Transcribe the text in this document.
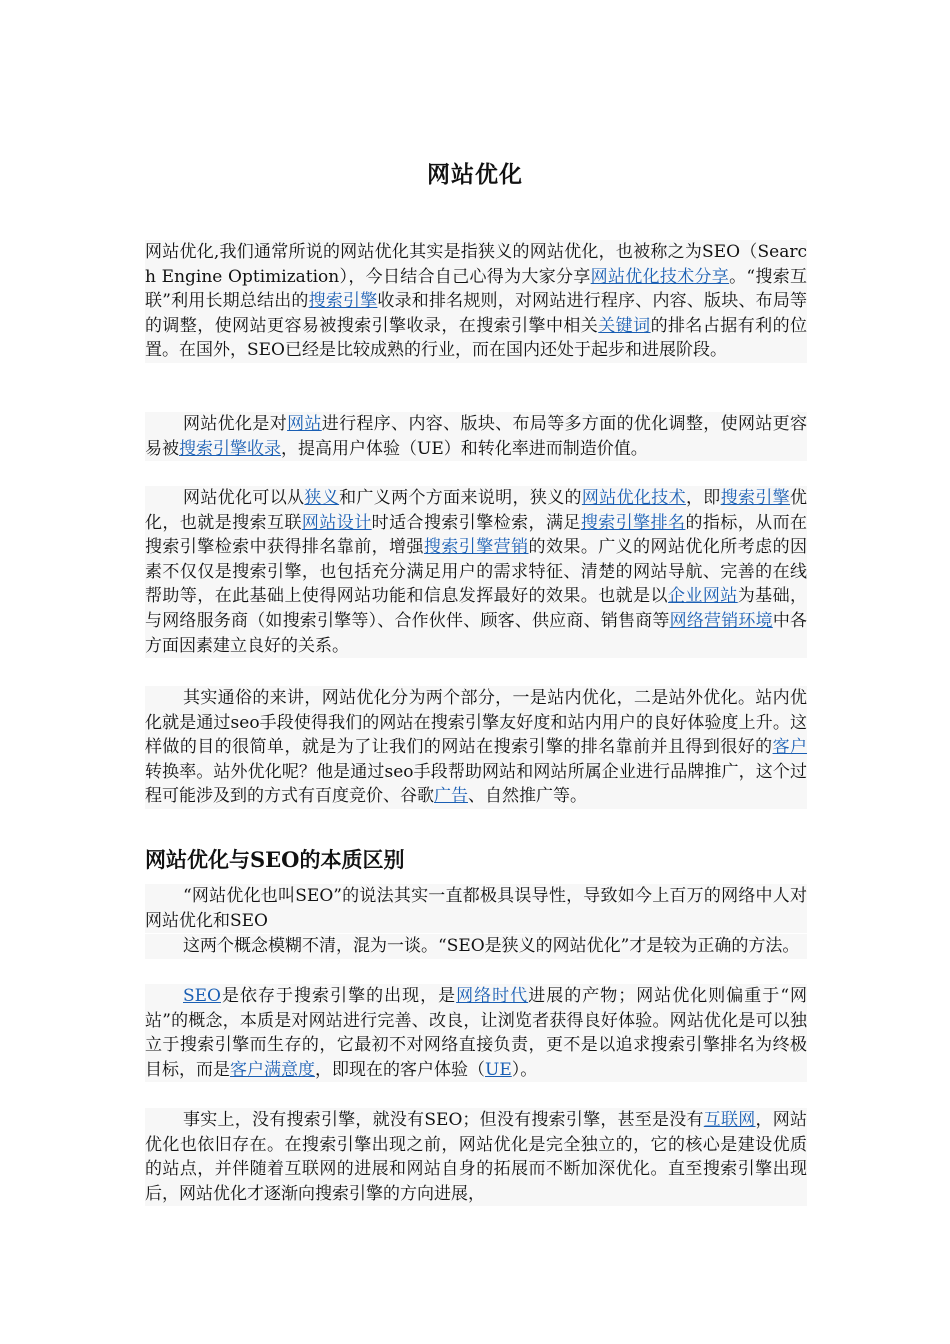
网站优化

网站优化,我们通常所说的网站优化其实是指狭义的网站优化，也被称之为SEO（Search Engine Optimization），今日结合自己心得为大家分享网站优化技术分享。“搜索互联”利用长期总结出的搜索引擎收录和排名规则，对网站进行程序、内容、版块、布局等的调整，使网站更容易被搜索引擎收录，在搜索引擎中相关关键词的排名占据有利的位置。在国外，SEO已经是比较成熟的行业，而在国内还处于起步和进展阶段。

网站优化是对网站进行程序、内容、版块、布局等多方面的优化调整，使网站更容易被搜索引擎收录，提高用户体验（UE）和转化率进而制造价值。

网站优化可以从狭义和广义两个方面来说明，狭义的网站优化技术，即搜索引擎优化，也就是搜索互联网站设计时适合搜索引擎检索，满足搜索引擎排名的指标，从而在搜索引擎检索中获得排名靠前，增强搜索引擎营销的效果。广义的网站优化所考虑的因素不仅仅是搜索引擎，也包括充分满足用户的需求特征、清楚的网站导航、完善的在线帮助等，在此基础上使得网站功能和信息发挥最好的效果。也就是以企业网站为基础，与网络服务商（如搜索引擎等）、合作伙伴、顾客、供应商、销售商等网络营销环境中各方面因素建立良好的关系。

其实通俗的来讲，网站优化分为两个部分，一是站内优化，二是站外优化。站内优化就是通过seo手段使得我们的网站在搜索引擎友好度和站内用户的良好体验度上升。这样做的目的很简单，就是为了让我们的网站在搜索引擎的排名靠前并且得到很好的客户转换率。站外优化呢？他是通过seo手段帮助网站和网站所属企业进行品牌推广，这个过程可能涉及到的方式有百度竞价、谷歌广告、自然推广等。

网站优化与SEO的本质区别

“网站优化也叫SEO”的说法其实一直都极具误导性，导致如今上百万的网络中人对网站优化和SEO

这两个概念模糊不清，混为一谈。“SEO是狭义的网站优化”才是较为正确的方法。

SEO是依存于搜索引擎的出现，是网络时代进展的产物；网站优化则偏重于“网站”的概念，本质是对网站进行完善、改良，让浏览者获得良好体验。网站优化是可以独立于搜索引擎而生存的，它最初不对网络直接负责，更不是以追求搜索引擎排名为终极目标，而是客户满意度，即现在的客户体验（UE）。

事实上，没有搜索引擎，就没有SEO；但没有搜索引擎，甚至是没有互联网，网站优化也依旧存在。在搜索引擎出现之前，网站优化是完全独立的，它的核心是建设优质的站点，并伴随着互联网的进展和网站自身的拓展而不断加深优化。直至搜索引擎出现后，网站优化才逐渐向搜索引擎的方向进展，
